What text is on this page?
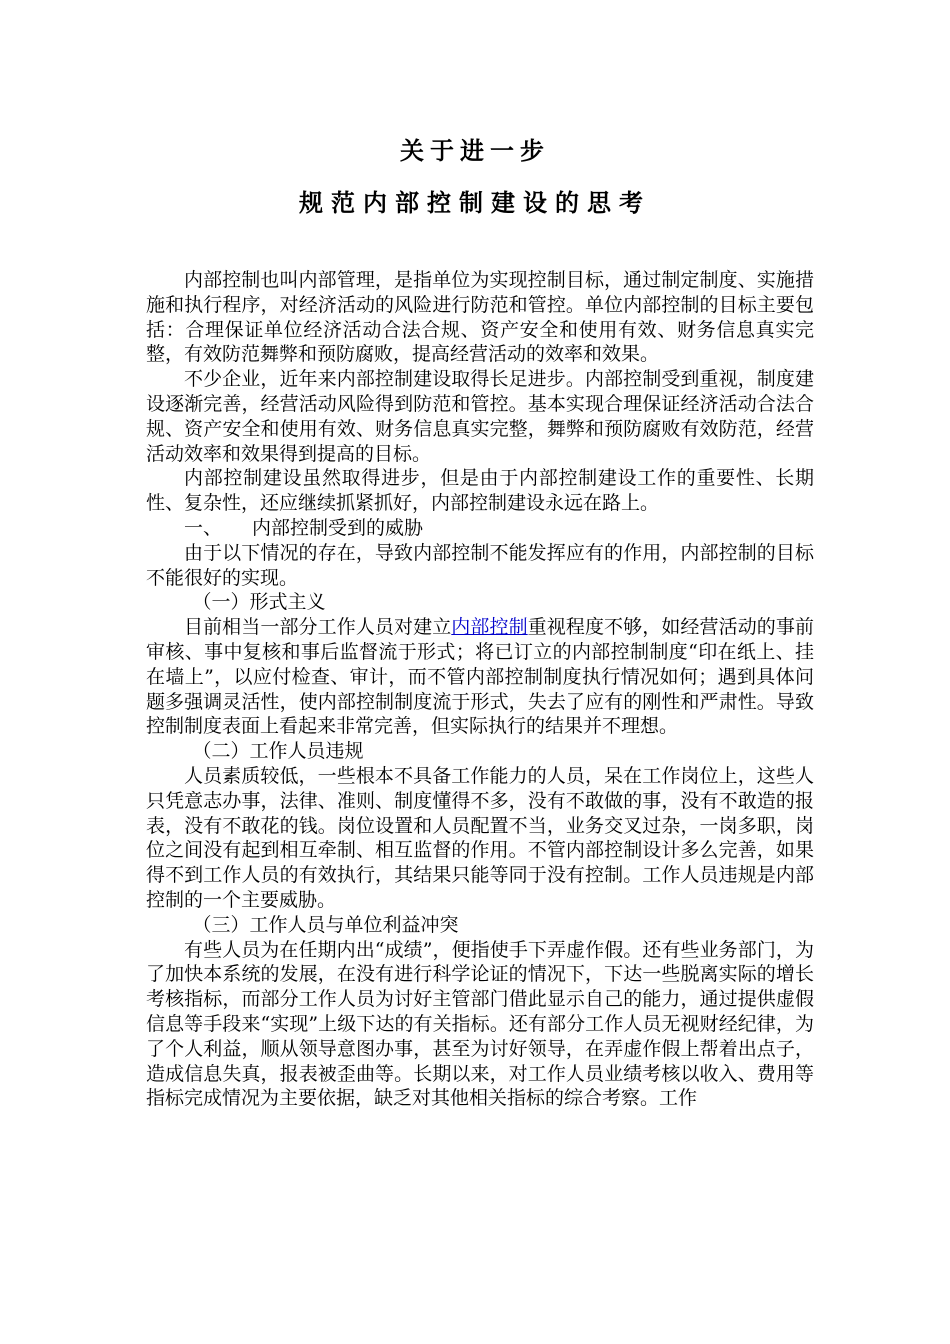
关于进一步
规范内部控制建设的思考

内部控制也叫内部管理，是指单位为实现控制目标，通过制定制度、实施措施和执行程序，对经济活动的风险进行防范和管控。单位内部控制的目标主要包括：合理保证单位经济活动合法合规、资产安全和使用有效、财务信息真实完整，有效防范舞弊和预防腐败，提高经营活动的效率和效果。

不少企业，近年来内部控制建设取得长足进步。内部控制受到重视，制度建设逐渐完善，经营活动风险得到防范和管控。基本实现合理保证经济活动合法合规、资产安全和使用有效、财务信息真实完整，舞弊和预防腐败有效防范，经营活动效率和效果得到提高的目标。

内部控制建设虽然取得进步，但是由于内部控制建设工作的重要性、长期性、复杂性，还应继续抓紧抓好，内部控制建设永远在路上。

一、 内部控制受到的威胁

由于以下情况的存在，导致内部控制不能发挥应有的作用，内部控制的目标不能很好的实现。

（一）形式主义

目前相当一部分工作人员对建立内部控制重视程度不够，如经营活动的事前审核、事中复核和事后监督流于形式；将已订立的内部控制制度“印在纸上、挂在墙上”，以应付检查、审计，而不管内部控制制度执行情况如何；遇到具体问题多强调灵活性，使内部控制制度流于形式，失去了应有的刚性和严肃性。导致控制制度表面上看起来非常完善，但实际执行的结果并不理想。

（二）工作人员违规

人员素质较低，一些根本不具备工作能力的人员，呆在工作岗位上，这些人只凭意志办事，法律、准则、制度懂得不多，没有不敢做的事，没有不敢造的报表，没有不敢花的钱。岗位设置和人员配置不当，业务交叉过杂，一岗多职，岗位之间没有起到相互牵制、相互监督的作用。不管内部控制设计多么完善，如果得不到工作人员的有效执行，其结果只能等同于没有控制。工作人员违规是内部控制的一个主要威胁。

（三）工作人员与单位利益冲突

有些人员为在任期内出“成绩”，便指使手下弄虚作假。还有些业务部门，为了加快本系统的发展，在没有进行科学论证的情况下，下达一些脱离实际的增长考核指标，而部分工作人员为讨好主管部门借此显示自己的能力，通过提供虚假信息等手段来“实现”上级下达的有关指标。还有部分工作人员无视财经纪律，为了个人利益，顺从领导意图办事，甚至为讨好领导，在弄虚作假上帮着出点子，造成信息失真，报表被歪曲等。长期以来，对工作人员业绩考核以收入、费用等指标完成情况为主要依据，缺乏对其他相关指标的综合考察。工作
